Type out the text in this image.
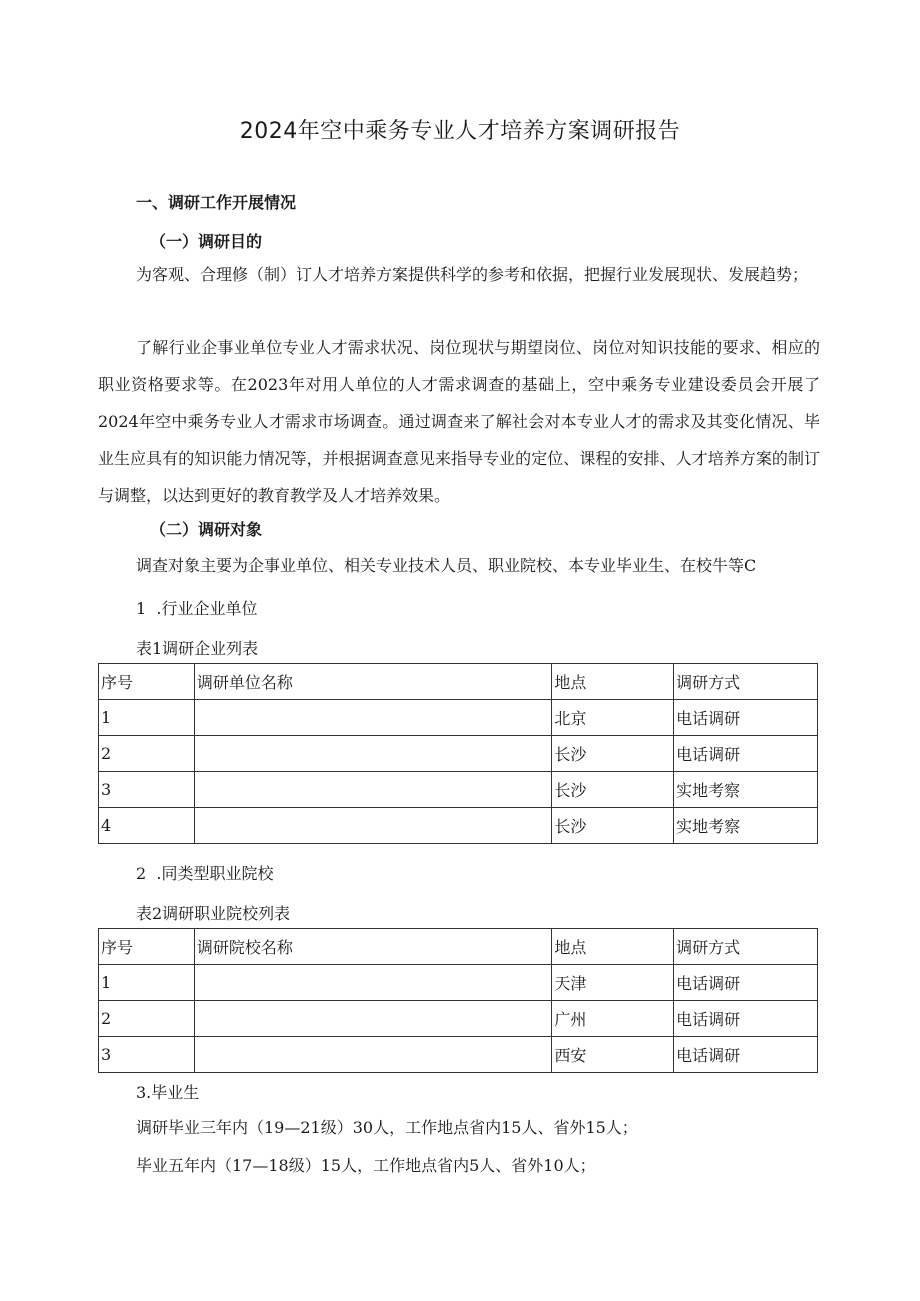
2024年空中乘务专业人才培养方案调研报告
一、调研工作开展情况
（一）调研目的
为客观、合理修（制）订人才培养方案提供科学的参考和依据，把握行业发展现状、发展趋势；
了解行业企事业单位专业人才需求状况、岗位现状与期望岗位、岗位对知识技能的要求、相应的职业资格要求等。在2023年对用人单位的人才需求调查的基础上，空中乘务专业建设委员会开展了2024年空中乘务专业人才需求市场调查。通过调查来了解社会对本专业人才的需求及其变化情况、毕业生应具有的知识能力情况等，并根据调查意见来指导专业的定位、课程的安排、人才培养方案的制订与调整，以达到更好的教育教学及人才培养效果。
（二）调研对象
调查对象主要为企事业单位、相关专业技术人员、职业院校、本专业毕业生、在校牛等C
1  .行业企业单位
表1调研企业列表
序号	调研单位名称	地点	调研方式
1		北京	电话调研
2		长沙	电话调研
3		长沙	实地考察
4		长沙	实地考察
2  .同类型职业院校
表2调研职业院校列表
序号	调研院校名称	地点	调研方式
1		天津	电话调研
2		广州	电话调研
3		西安	电话调研
3.毕业生
调研毕业三年内（19—21级）30人，工作地点省内15人、省外15人；
毕业五年内（17—18级）15人，工作地点省内5人、省外10人；
